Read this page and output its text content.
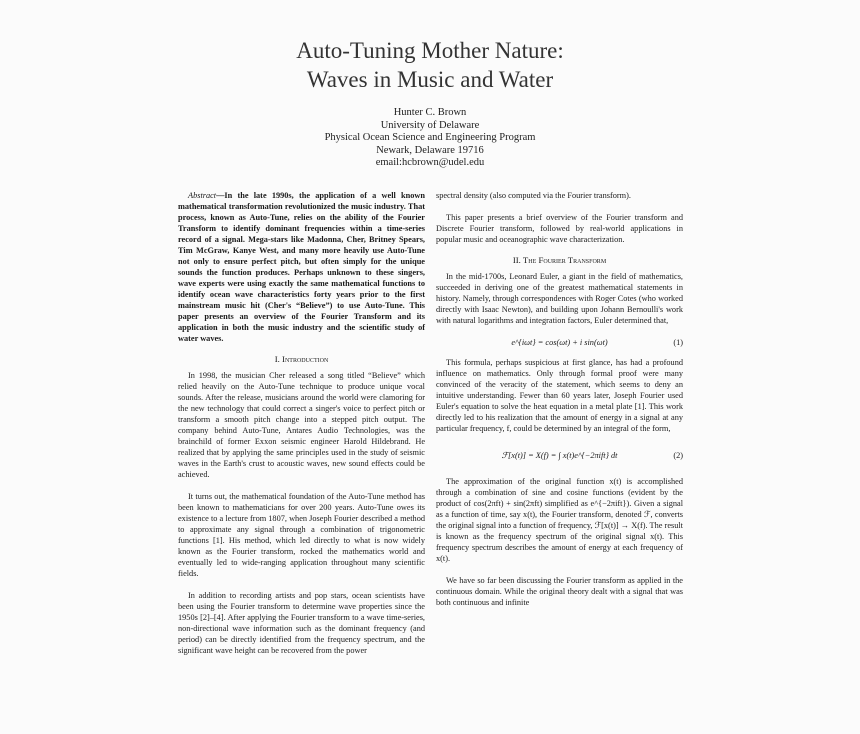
Auto-Tuning Mother Nature:
Waves in Music and Water
Hunter C. Brown
University of Delaware
Physical Ocean Science and Engineering Program
Newark, Delaware 19716
email:hcbrown@udel.edu

Abstract—In the late 1990s, the application of a well known mathematical transformation revolutionized the music industry. That process, known as Auto-Tune, relies on the ability of the Fourier Transform to identify dominant frequencies within a time-series record of a signal. Mega-stars like Madonna, Cher, Britney Spears, Tim McGraw, Kanye West, and many more heavily use Auto-Tune not only to ensure perfect pitch, but often simply for the unique sounds the function produces. Perhaps unknown to these singers, wave experts were using exactly the same mathematical functions to identify ocean wave characteristics forty years prior to the first mainstream music hit (Cher's “Believe”) to use Auto-Tune. This paper presents an overview of the Fourier Transform and its application in both the music industry and the scientific study of water waves.

I. Introduction

In 1998, the musician Cher released a song titled “Believe” which relied heavily on the Auto-Tune technique to produce unique vocal sounds. After the release, musicians around the world were clamoring for the new technology that could correct a singer's voice to perfect pitch or transform a smooth pitch change into a stepped pitch output. The company behind Auto-Tune, Antares Audio Technologies, was the brainchild of former Exxon seismic engineer Harold Hildebrand. He realized that by applying the same principles used in the study of seismic waves in the Earth's crust to acoustic waves, new sound effects could be achieved.

It turns out, the mathematical foundation of the Auto-Tune method has been known to mathematicians for over 200 years. Auto-Tune owes its existence to a lecture from 1807, when Joseph Fourier described a method to approximate any signal through a combination of trigonometric functions [1]. His method, which led directly to what is now widely known as the Fourier transform, rocked the mathematics world and eventually led to wide-ranging application throughout many scientific fields.

In addition to recording artists and pop stars, ocean scientists have been using the Fourier transform to determine wave properties since the 1950s [2]–[4]. After applying the Fourier transform to a wave time-series, non-directional wave information such as the dominant frequency (and period) can be directly identified from the frequency spectrum, and the significant wave height can be recovered from the power

spectral density (also computed via the Fourier transform).

This paper presents a brief overview of the Fourier transform and Discrete Fourier transform, followed by real-world applications in popular music and oceanographic wave characterization.

II. The Fourier Transform

In the mid-1700s, Leonard Euler, a giant in the field of mathematics, succeeded in deriving one of the greatest mathematical statements in history. Namely, through correspondences with Roger Cotes (who worked directly with Isaac Newton), and building upon Johann Bernoulli's work with natural logarithms and integration factors, Euler determined that,

e^{iωt} = cos(ωt) + i sin(ωt)	(1)

This formula, perhaps suspicious at first glance, has had a profound influence on mathematics. Only through formal proof were many convinced of the veracity of the statement, which seems to deny an intuitive understanding. Fewer than 60 years later, Joseph Fourier used Euler's equation to solve the heat equation in a metal plate [1]. This work directly led to his realization that the amount of energy in a signal at any particular frequency, f, could be determined by an integral of the form,

ℱ[x(t)] = X(f) = ∫ x(t)e^{−2πift} dt	(2)

The approximation of the original function x(t) is accomplished through a combination of sine and cosine functions (evident by the product of cos(2πft) + sin(2πft) simplified as e^{−2πift}). Given a signal as a function of time, say x(t), the Fourier transform, denoted ℱ, converts the original signal into a function of frequency, ℱ[x(t)] → X(f). The result is known as the frequency spectrum of the original signal x(t). This frequency spectrum describes the amount of energy at each frequency of x(t).

We have so far been discussing the Fourier transform as applied in the continuous domain. While the original theory dealt with a signal that was both continuous and infinite
